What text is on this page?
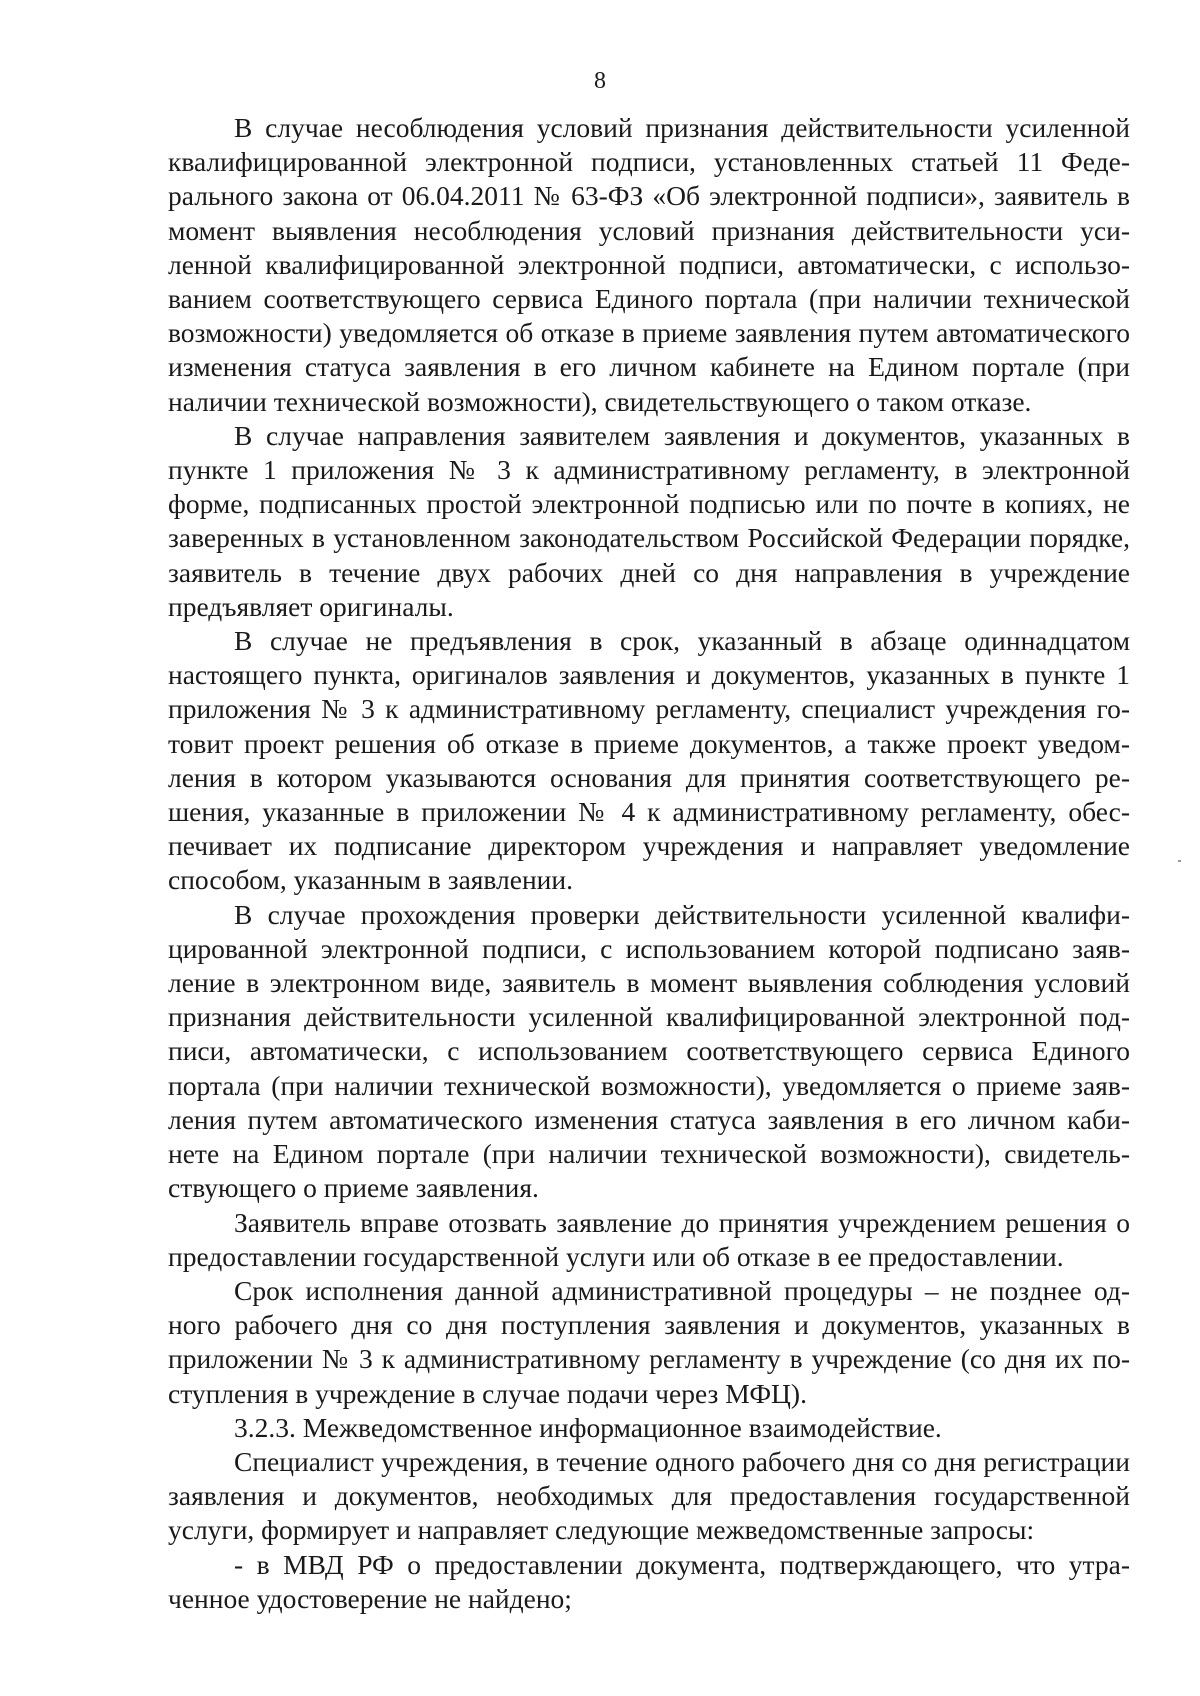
8

В случае несоблюдения условий признания действительности усиленной квалифицированной электронной подписи, установленных статьей 11 Федерального закона от 06.04.2011 № 63-ФЗ «Об электронной подписи», заявитель в момент выявления несоблюдения условий признания действительности усиленной квалифицированной электронной подписи, автоматически, с использованием соответствующего сервиса Единого портала (при наличии технической возможности) уведомляется об отказе в приеме заявления путем автоматического изменения статуса заявления в его личном кабинете на Едином портале (при наличии технической возможности), свидетельствующего о таком отказе.

В случае направления заявителем заявления и документов, указанных в пункте 1 приложения № 3 к административному регламенту, в электронной форме, подписанных простой электронной подписью или по почте в копиях, не заверенных в установленном законодательством Российской Федерации порядке, заявитель в течение двух рабочих дней со дня направления в учреждение предъявляет оригиналы.

В случае не предъявления в срок, указанный в абзаце одиннадцатом настоящего пункта, оригиналов заявления и документов, указанных в пункте 1 приложения № 3 к административному регламенту, специалист учреждения готовит проект решения об отказе в приеме документов, а также проект уведомления в котором указываются основания для принятия соответствующего решения, указанные в приложении № 4 к административному регламенту, обеспечивает их подписание директором учреждения и направляет уведомление способом, указанным в заявлении.

В случае прохождения проверки действительности усиленной квалифицированной электронной подписи, с использованием которой подписано заявление в электронном виде, заявитель в момент выявления соблюдения условий признания действительности усиленной квалифицированной электронной подписи, автоматически, с использованием соответствующего сервиса Единого портала (при наличии технической возможности), уведомляется о приеме заявления путем автоматического изменения статуса заявления в его личном кабинете на Едином портале (при наличии технической возможности), свидетельствующего о приеме заявления.

Заявитель вправе отозвать заявление до принятия учреждением решения о предоставлении государственной услуги или об отказе в ее предоставлении.

Срок исполнения данной административной процедуры – не позднее одного рабочего дня со дня поступления заявления и документов, указанных в приложении № 3 к административному регламенту в учреждение (со дня их поступления в учреждение в случае подачи через МФЦ).

3.2.3. Межведомственное информационное взаимодействие.

Специалист учреждения, в течение одного рабочего дня со дня регистрации заявления и документов, необходимых для предоставления государственной услуги, формирует и направляет следующие межведомственные запросы:

- в МВД РФ о предоставлении документа, подтверждающего, что утраченное удостоверение не найдено;
